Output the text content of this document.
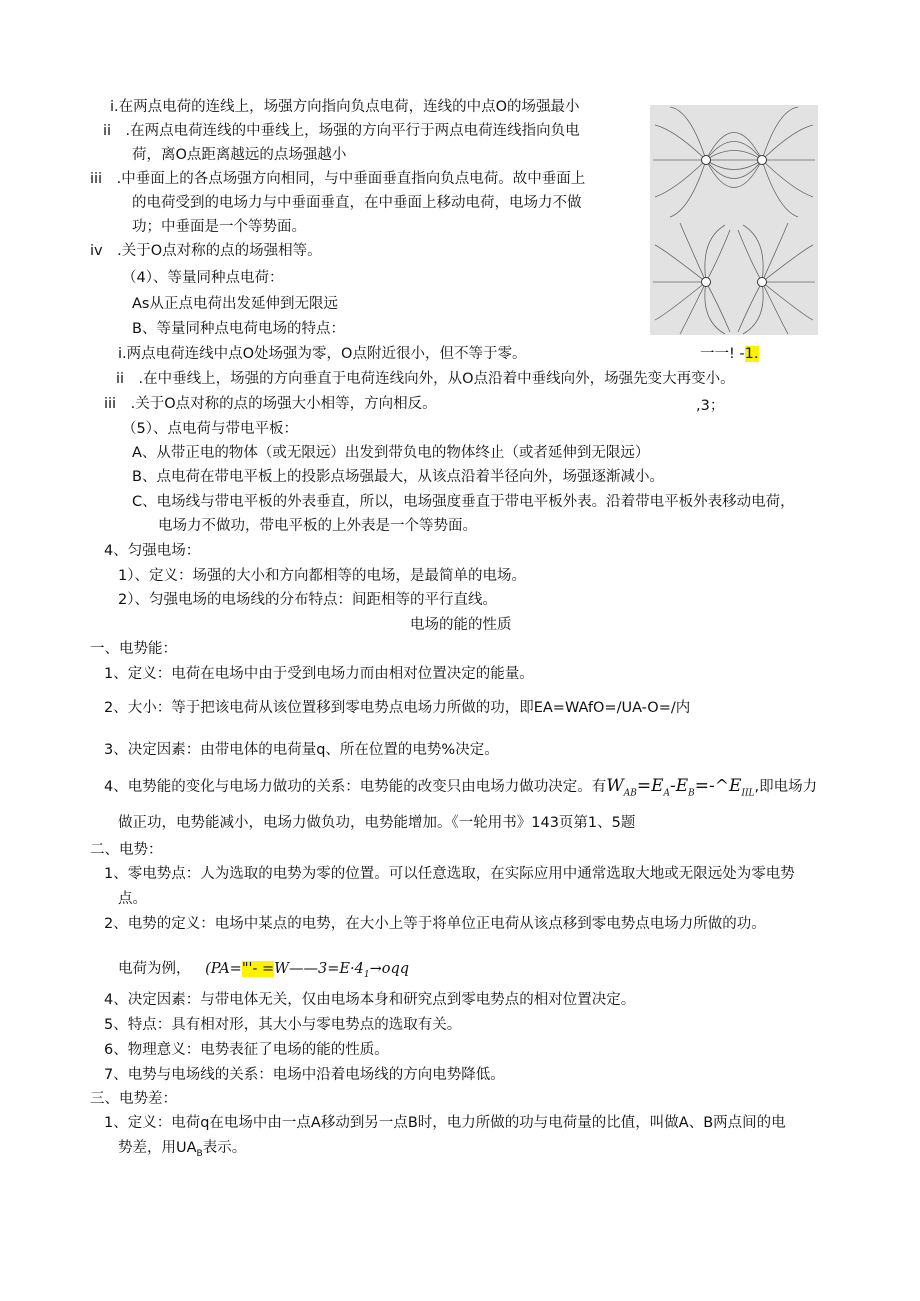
i.在两点电荷的连线上，场强方向指向负点电荷，连线的中点O的场强最小
ii　.在两点电荷连线的中垂线上，场强的方向平行于两点电荷连线指向负电
荷，离O点距离越远的点场强越小
iii　.中垂面上的各点场强方向相同，与中垂面垂直指向负点电荷。故中垂面上
的电荷受到的电场力与中垂面垂直，在中垂面上移动电荷，电场力不做
功；中垂面是一个等势面。
iv　.关于O点对称的点的场强相等。
（4）、等量同种点电荷：
As从正点电荷出发延伸到无限远
B、等量同种点电荷电场的特点：
i.两点电荷连线中点O处场强为零，O点附近很小，但不等于零。	一一! -1.
ii　.在中垂线上，场强的方向垂直于电荷连线向外，从O点沿着中垂线向外，场强先变大再变小。
iii　.关于O点对称的点的场强大小相等，方向相反。	,3；
（5）、点电荷与带电平板：
A、从带正电的物体（或无限远）出发到带负电的物体终止（或者延伸到无限远）
B、点电荷在带电平板上的投影点场强最大，从该点沿着半径向外，场强逐渐减小。
C、电场线与带电平板的外表垂直，所以，电场强度垂直于带电平板外表。沿着带电平板外表移动电荷，
电场力不做功，带电平板的上外表是一个等势面。
4、匀强电场：
1）、定义：场强的大小和方向都相等的电场，是最简单的电场。
2）、匀强电场的电场线的分布特点：间距相等的平行直线。
电场的能的性质
一、电势能：
1、定义：电荷在电场中由于受到电场力而由相对位置决定的能量。
2、大小：等于把该电荷从该位置移到零电势点电场力所做的功，即EA=WAfO=/UA-O=/内
3、决定因素：由带电体的电荷量q、所在位置的电势%决定。
4、电势能的变化与电场力做功的关系：电势能的改变只由电场力做功决定。有$W_{AB}=E_A-E_B=-\^{}E_{IIL}$,即电场力
做正功，电势能减小，电场力做负功，电势能增加。《一轮用书》143页第1、5题
二、电势：
1、零电势点：人为选取的电势为零的位置。可以任意选取，在实际应用中通常选取大地或无限远处为零电势
点。
2、电势的定义：电场中某点的电势，在大小上等于将单位正电荷从该点移到零电势点电场力所做的功。
电荷为例， (PA="'- $=W——3=E\cdot 4_1\to oqq$
4、决定因素：与带电体无关，仅由电场本身和研究点到零电势点的相对位置决定。
5、特点：具有相对形，其大小与零电势点的选取有关。
6、物理意义：电势表征了电场的能的性质。
7、电势与电场线的关系：电场中沿着电场线的方向电势降低。
三、电势差：
1、定义：电荷q在电场中由一点A移动到另一点B时，电力所做的功与电荷量的比值，叫做A、B两点间的电
势差，用$UA_B$表示。
